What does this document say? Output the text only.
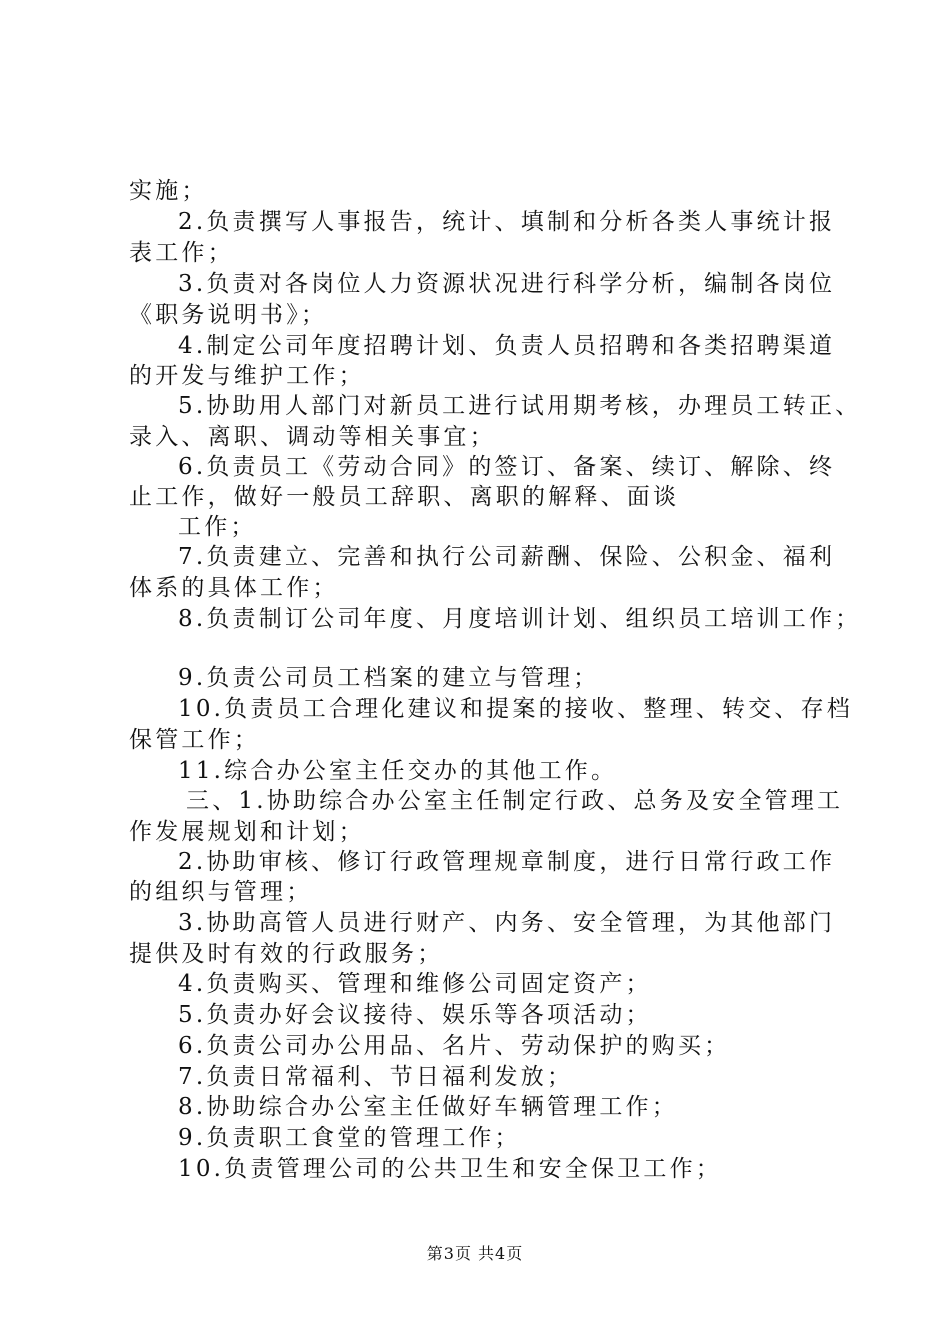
实施；
2.负责撰写人事报告，统计、填制和分析各类人事统计报
表工作；
3.负责对各岗位人力资源状况进行科学分析，编制各岗位
《职务说明书》；
4.制定公司年度招聘计划、负责人员招聘和各类招聘渠道
的开发与维护工作；
5.协助用人部门对新员工进行试用期考核，办理员工转正、
录入、离职、调动等相关事宜；
6.负责员工《劳动合同》的签订、备案、续订、解除、终
止工作，做好一般员工辞职、离职的解释、面谈
工作；
7.负责建立、完善和执行公司薪酬、保险、公积金、福利
体系的具体工作；
8.负责制订公司年度、月度培训计划、组织员工培训工作；
9.负责公司员工档案的建立与管理；
10.负责员工合理化建议和提案的接收、整理、转交、存档
保管工作；
11.综合办公室主任交办的其他工作。
三、1.协助综合办公室主任制定行政、总务及安全管理工
作发展规划和计划；
2.协助审核、修订行政管理规章制度，进行日常行政工作
的组织与管理；
3.协助高管人员进行财产、内务、安全管理，为其他部门
提供及时有效的行政服务；
4.负责购买、管理和维修公司固定资产；
5.负责办好会议接待、娱乐等各项活动；
6.负责公司办公用品、名片、劳动保护的购买；
7.负责日常福利、节日福利发放；
8.协助综合办公室主任做好车辆管理工作；
9.负责职工食堂的管理工作；
10.负责管理公司的公共卫生和安全保卫工作；
第3页 共4页
